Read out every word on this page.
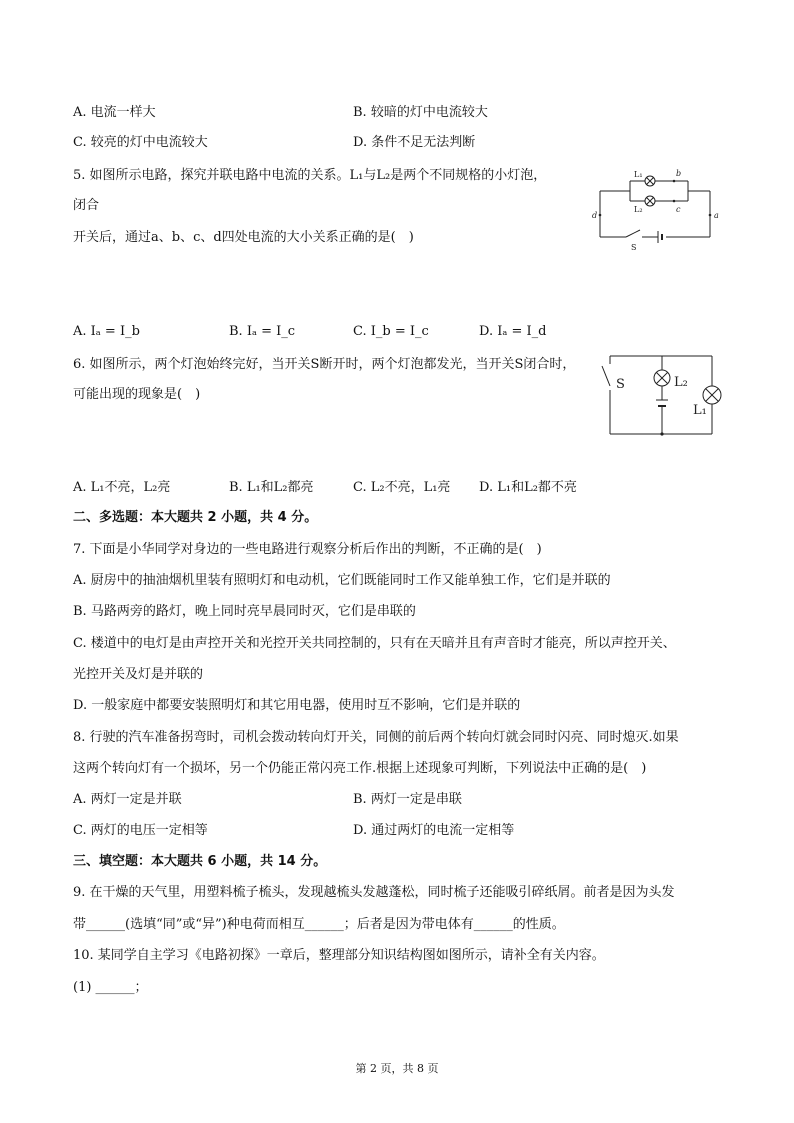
A. 电流一样大	B. 较暗的灯中电流较大
C. 较亮的灯中电流较大	D. 条件不足无法判断
5. 如图所示电路，探究并联电路中电流的关系。L₁与L₂是两个不同规格的小灯泡，
闭合
开关后，通过a、b、c、d四处电流的大小关系正确的是(　)
L₁
L₂
b
c
d	a
S
A. Iₐ = I_b	B. Iₐ = I_c	C. I_b = I_c	D. Iₐ = I_d
6. 如图所示，两个灯泡始终完好，当开关S断开时，两个灯泡都发光，当开关S闭合时，
可能出现的现象是(　)
S	L₂
L₁
A. L₁不亮，L₂亮	B. L₁和L₂都亮	C. L₂不亮，L₁亮 D. L₁和L₂都不亮
二、多选题：本大题共 2 小题，共 4 分。
7. 下面是小华同学对身边的一些电路进行观察分析后作出的判断，不正确的是(　)
A. 厨房中的抽油烟机里装有照明灯和电动机，它们既能同时工作又能单独工作，它们是并联的
B. 马路两旁的路灯，晚上同时亮早晨同时灭，它们是串联的
C. 楼道中的电灯是由声控开关和光控开关共同控制的，只有在天暗并且有声音时才能亮，所以声控开关、
光控开关及灯是并联的
D. 一般家庭中都要安装照明灯和其它用电器，使用时互不影响，它们是并联的
8. 行驶的汽车准备拐弯时，司机会拨动转向灯开关，同侧的前后两个转向灯就会同时闪亮、同时熄灭.如果
这两个转向灯有一个损坏，另一个仍能正常闪亮工作.根据上述现象可判断，下列说法中正确的是(　)
A. 两灯一定是并联	B. 两灯一定是串联
C. 两灯的电压一定相等	D. 通过两灯的电流一定相等
三、填空题：本大题共 6 小题，共 14 分。
9. 在干燥的天气里，用塑料梳子梳头，发现越梳头发越蓬松，同时梳子还能吸引碎纸屑。前者是因为头发
带______(选填“同”或“异”)种电荷而相互______；后者是因为带电体有______的性质。
10. 某同学自主学习《电路初探》一章后，整理部分知识结构图如图所示，请补全有关内容。
(1) ______；
第 2 页，共 8 页
